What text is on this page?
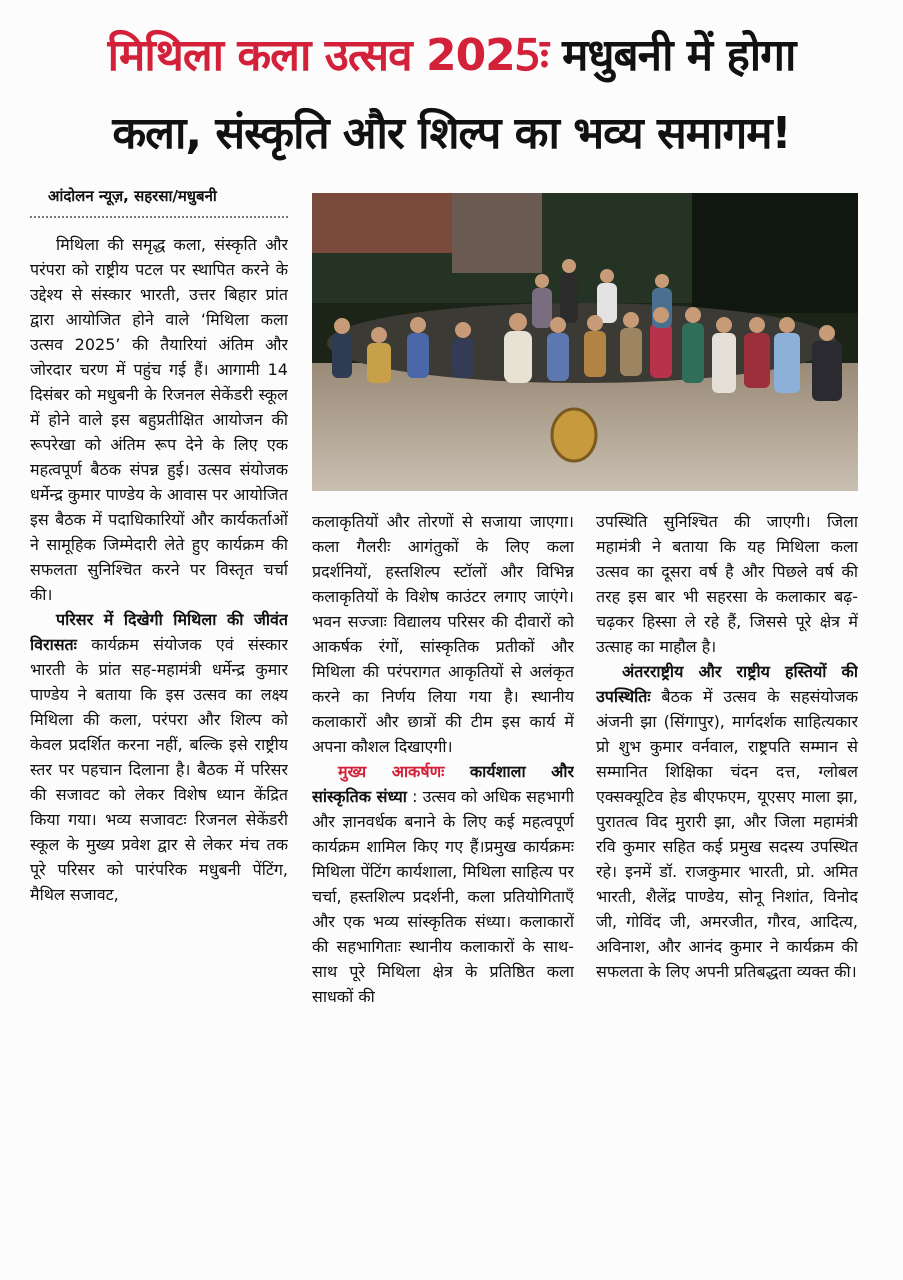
मिथिला कला उत्सव 2025ः मधुबनी में होगा
कला, संस्कृति और शिल्प का भव्य समागम!
आंदोलन न्यूज़, सहरसा/मधुबनी

मिथिला की समृद्ध कला, संस्कृति और परंपरा को राष्ट्रीय पटल पर स्थापित करने के उद्देश्य से संस्कार भारती, उत्तर बिहार प्रांत द्वारा आयोजित होने वाले ‘मिथिला कला उत्सव 2025’ की तैयारियां अंतिम और जोरदार चरण में पहुंच गई हैं। आगामी 14 दिसंबर को मधुबनी के रिजनल सेकेंडरी स्कूल में होने वाले इस बहुप्रतीक्षित आयोजन की रूपरेखा को अंतिम रूप देने के लिए एक महत्वपूर्ण बैठक संपन्न हुई। उत्सव संयोजक धर्मेन्द्र कुमार पाण्डेय के आवास पर आयोजित इस बैठक में पदाधिकारियों और कार्यकर्ताओं ने सामूहिक जिम्मेदारी लेते हुए कार्यक्रम की सफलता सुनिश्चित करने पर विस्तृत चर्चा की।

परिसर में दिखेगी मिथिला की जीवंत विरासतः कार्यक्रम संयोजक एवं संस्कार भारती के प्रांत सह-महामंत्री धर्मेन्द्र कुमार पाण्डेय ने बताया कि इस उत्सव का लक्ष्य मिथिला की कला, परंपरा और शिल्प को केवल प्रदर्शित करना नहीं, बल्कि इसे राष्ट्रीय स्तर पर पहचान दिलाना है। बैठक में परिसर की सजावट को लेकर विशेष ध्यान केंद्रित किया गया। भव्य सजावटः रिजनल सेकेंडरी स्कूल के मुख्य प्रवेश द्वार से लेकर मंच तक पूरे परिसर को पारंपरिक मधुबनी पेंटिंग, मैथिल सजावट,

कलाकृतियों और तोरणों से सजाया जाएगा। कला गैलरीः आगंतुकों के लिए कला प्रदर्शनियों, हस्तशिल्प स्टॉलों और विभिन्न कलाकृतियों के विशेष काउंटर लगाए जाएंगे। भवन सज्जाः विद्यालय परिसर की दीवारों को आकर्षक रंगों, सांस्कृतिक प्रतीकों और मिथिला की परंपरागत आकृतियों से अलंकृत करने का निर्णय लिया गया है। स्थानीय कलाकारों और छात्रों की टीम इस कार्य में अपना कौशल दिखाएगी।

मुख्य आकर्षणः कार्यशाला और सांस्कृतिक संध्या : उत्सव को अधिक सहभागी और ज्ञानवर्धक बनाने के लिए कई महत्वपूर्ण कार्यक्रम शामिल किए गए हैं।प्रमुख कार्यक्रमः मिथिला पेंटिंग कार्यशाला, मिथिला साहित्य पर चर्चा, हस्तशिल्प प्रदर्शनी, कला प्रतियोगिताएँ और एक भव्य सांस्कृतिक संध्या। कलाकारों की सहभागिताः स्थानीय कलाकारों के साथ-साथ पूरे मिथिला क्षेत्र के प्रतिष्ठित कला साधकों की

उपस्थिति सुनिश्चित की जाएगी। जिला महामंत्री ने बताया कि यह मिथिला कला उत्सव का दूसरा वर्ष है और पिछले वर्ष की तरह इस बार भी सहरसा के कलाकार बढ़-चढ़कर हिस्सा ले रहे हैं, जिससे पूरे क्षेत्र में उत्साह का माहौल है।

अंतरराष्ट्रीय और राष्ट्रीय हस्तियों की उपस्थितिः बैठक में उत्सव के सहसंयोजक अंजनी झा (सिंगापुर), मार्गदर्शक साहित्यकार प्रो शुभ कुमार वर्नवाल, राष्ट्रपति सम्मान से सम्मानित शिक्षिका चंदन दत्त, ग्लोबल एक्सक्यूटिव हेड बीएफएम, यूएसए माला झा, पुरातत्व विद मुरारी झा, और जिला महामंत्री रवि कुमार सहित कई प्रमुख सदस्य उपस्थित रहे। इनमें डॉ. राजकुमार भारती, प्रो. अमित भारती, शैलेंद्र पाण्डेय, सोनू निशांत, विनोद जी, गोविंद जी, अमरजीत, गौरव, आदित्य, अविनाश, और आनंद कुमार ने कार्यक्रम की सफलता के लिए अपनी प्रतिबद्धता व्यक्त की।
